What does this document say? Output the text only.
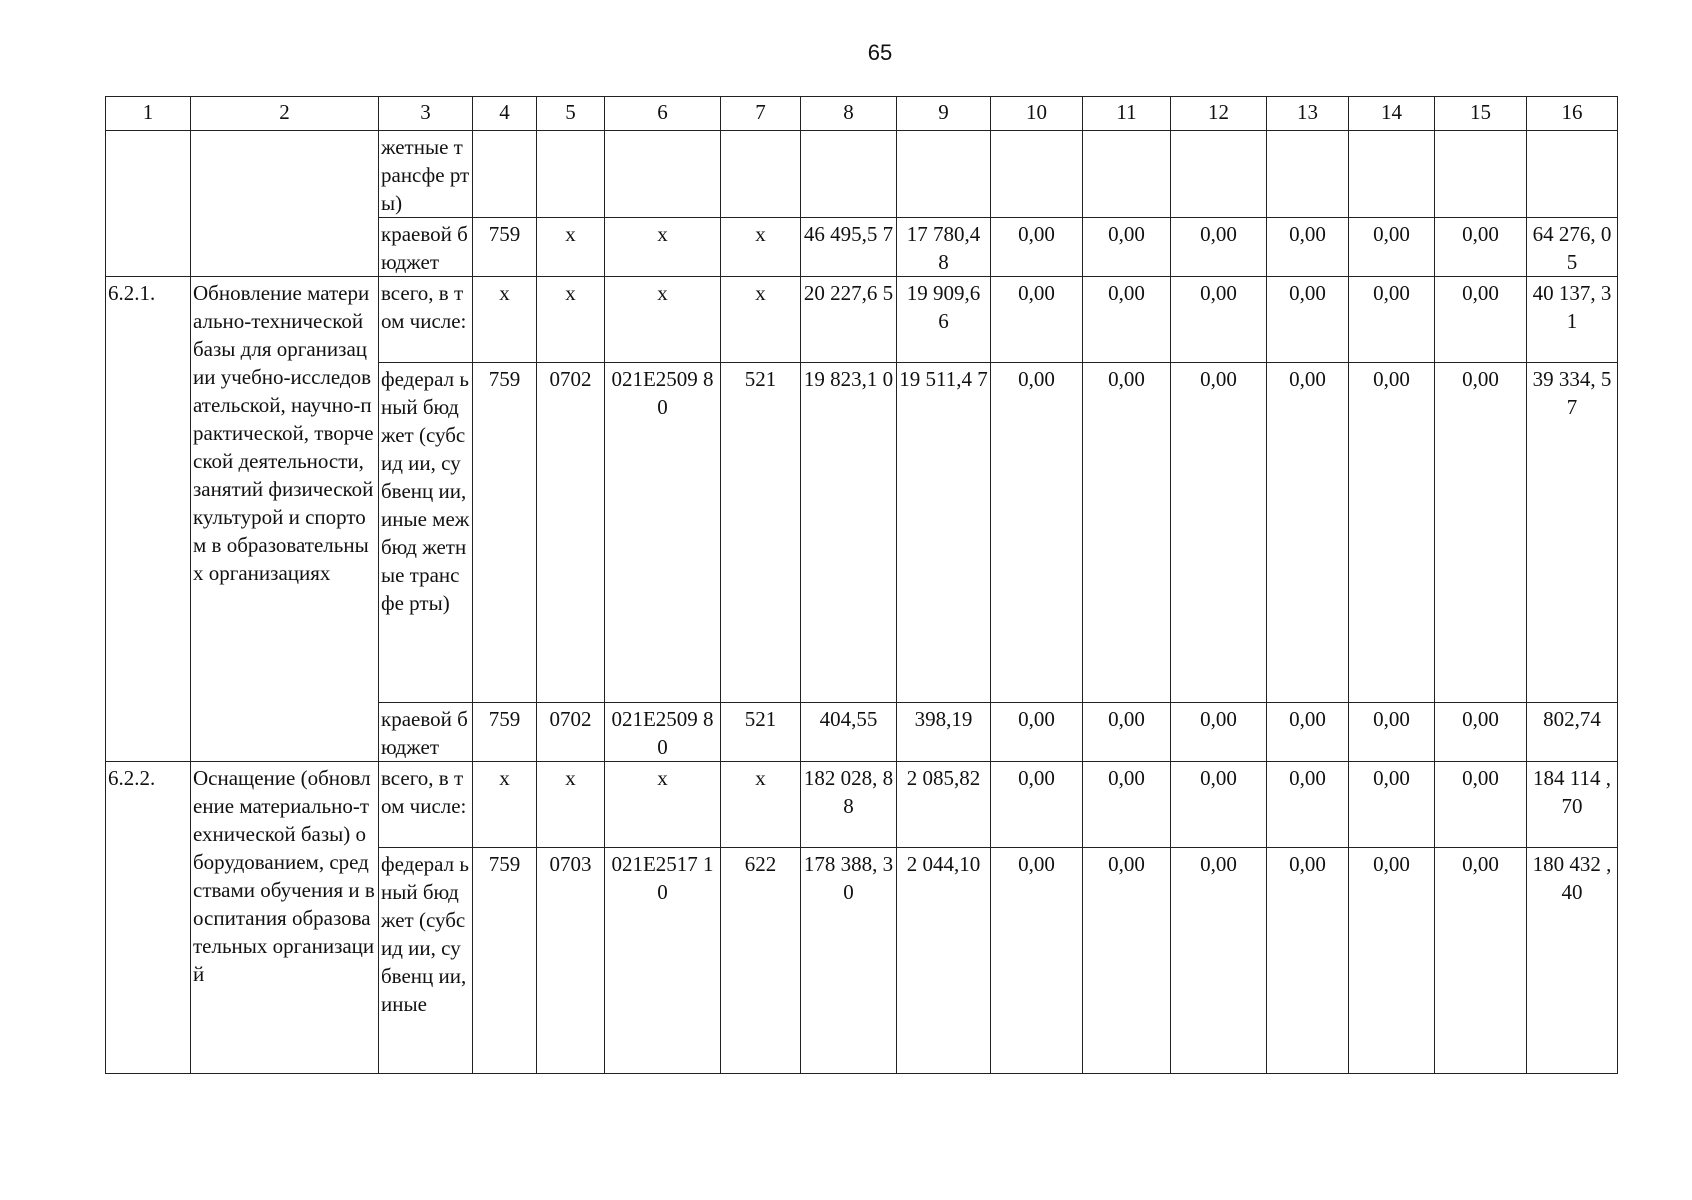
65
1	2	3	4	5	6	7	8	9	10	11	12	13	14	15	16
		жетные трансфе рты)													
		краевой бюджет	759	x	x	x	46 495,5 7	17 780,4 8	0,00	0,00	0,00	0,00	0,00	0,00	64 276, 05
6.2.1.	Обновление материально-технической базы для организации учебно-исследовательской, научно-практической, творческой деятельности, занятий физической культурой и спортом в образовательных организациях	всего, в том числе:	x	x	x	x	20 227,6 5	19 909,6 6	0,00	0,00	0,00	0,00	0,00	0,00	40 137, 31
		федерал ьный бюджет (субсид ии, субвенц ии, иные межбюд жетные трансфе рты)	759	0702	021E2509 80	521	19 823,1 0	19 511,4 7	0,00	0,00	0,00	0,00	0,00	0,00	39 334, 57
		краевой бюджет	759	0702	021E2509 80	521	404,55	398,19	0,00	0,00	0,00	0,00	0,00	0,00	802,74
6.2.2.	Оснащение (обновление материально-технической базы) оборудованием, средствами обучения и воспитания образовательных организаций	всего, в том числе:	x	x	x	x	182 028, 88	2 085,82	0,00	0,00	0,00	0,00	0,00	0,00	184 114 ,70
		федерал ьный бюджет (субсид ии, субвенц ии, иные	759	0703	021E2517 10	622	178 388, 30	2 044,10	0,00	0,00	0,00	0,00	0,00	0,00	180 432 ,40
